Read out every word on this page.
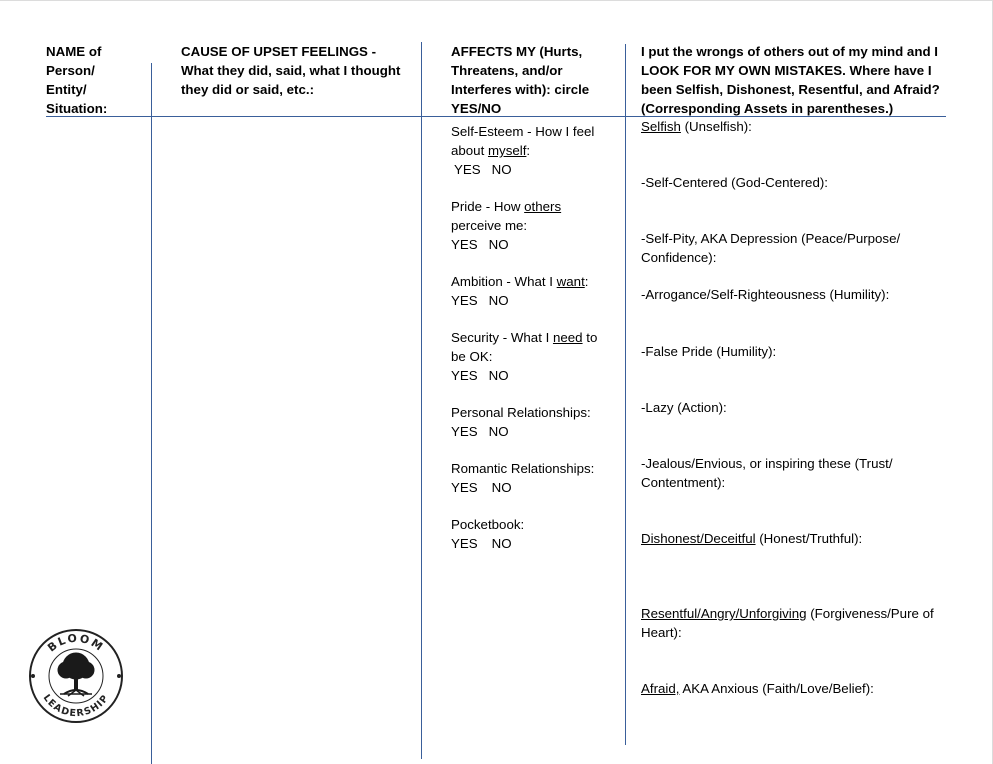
NAME of Person/ Entity/ Situation:
CAUSE OF UPSET FEELINGS - What they did, said, what I thought they did or said, etc.:
AFFECTS MY (Hurts, Threatens, and/or Interferes with): circle YES/NO
I put the wrongs of others out of my mind and I LOOK FOR MY OWN MISTAKES. Where have I been Selfish, Dishonest, Resentful, and Afraid? (Corresponding Assets in parentheses.)
Self-Esteem - How I feel about myself:
YES NO
Pride - How others perceive me:
YES NO
Ambition - What I want:
YES NO
Security - What I need to be OK:
YES NO
Personal Relationships:
YES NO
Romantic Relationships:
YES NO
Pocketbook:
YES NO
Selfish (Unselfish):
-Self-Centered (God-Centered):
-Self-Pity, AKA Depression (Peace/Purpose/ Confidence):
-Arrogance/Self-Righteousness (Humility):
-False Pride (Humility):
-Lazy (Action):
-Jealous/Envious, or inspiring these (Trust/ Contentment):
Dishonest/Deceitful (Honest/Truthful):
Resentful/Angry/Unforgiving (Forgiveness/Pure of Heart):
Afraid, AKA Anxious (Faith/Love/Belief):
BLOOM
LEADERSHIP
